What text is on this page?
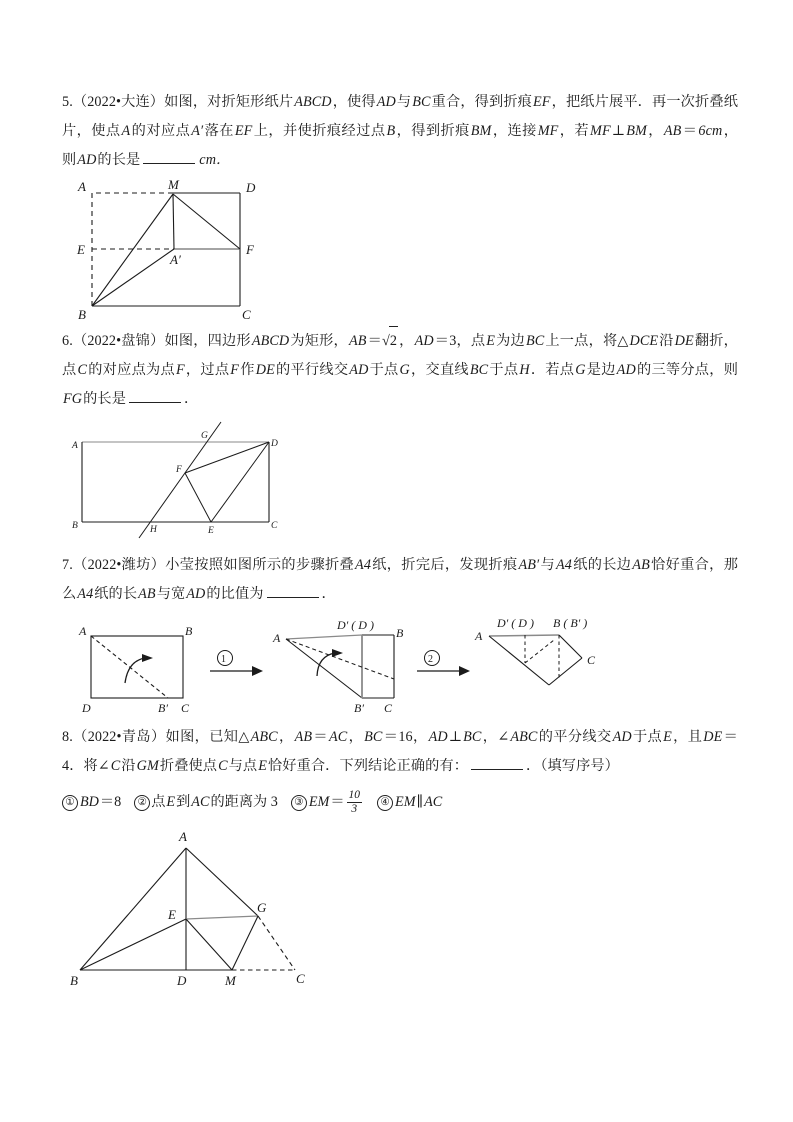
5.（2022•大连）如图，对折矩形纸片ABCD，使得AD与BC重合，得到折痕EF，把纸片展平．再一次折叠纸片，使点A的对应点A′落在EF上，并使折痕经过点B，得到折痕BM，连接MF，若MF⊥BM，AB＝6cm，则AD的长是	cm．
A	M	D
E
A′
F
B	C
6.（2022•盘锦）如图，四边形ABCD为矩形，AB＝√2 ，AD＝3，点E为边BC上一点，将△DCE沿DE翻折，点C的对应点为点F，过点F作DE的平行线交AD于点G，交直线BC于点H．若点G是边AD的三等分点，则FG的长是	．
A
G
D
F
B	H	E	C
7.（2022•潍坊）小莹按照如图所示的步骤折叠A4纸，折完后，发现折痕AB′与A4纸的长边AB恰好重合，那么A4纸的长AB与宽AD的比值为	．
A	B
D	B′ C
1
D′ ( D )
A	B
B′ C
2
D′ ( D ) B ( B′ )
A
C
8.（2022•青岛）如图，已知△ABC，AB＝AC，BC＝16，AD⊥BC，∠ABC的平分线交AD于点E，且DE＝4．将∠C沿GM折叠使点C与点E恰好重合．下列结论正确的有：	．（填写序号）
① BD＝8 ② 点E到AC的距离为 3 ③ $EM= \frac{10}{3}$ ④ EM∥AC
A
E	G
B	D	M	C
